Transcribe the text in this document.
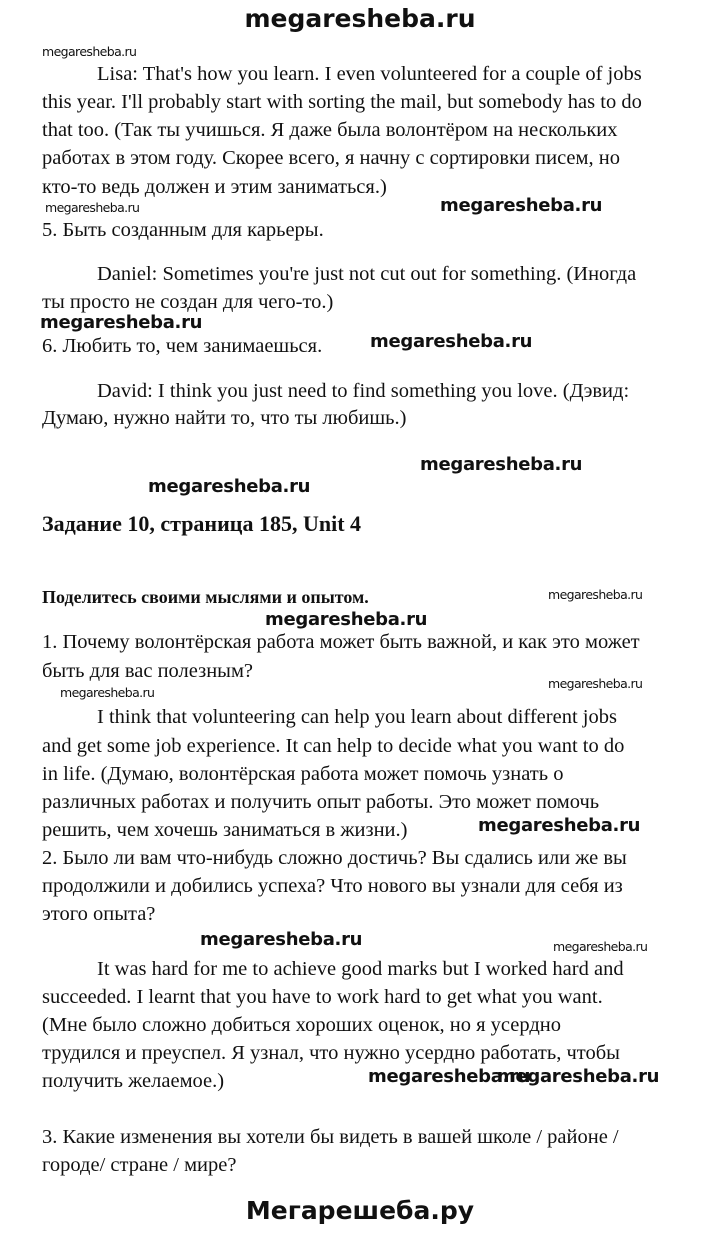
megaresheba.ru
Lisa: That's how you learn. I even volunteered for a couple of jobs
this year. I'll probably start with sorting the mail, but somebody has to do
that too. (Так ты учишься. Я даже была волонтёром на нескольких
работах в этом году. Скорее всего, я начну с сортировки писем, но
кто-то ведь должен и этим заниматься.)
5. Быть созданным для карьеры.
Daniel: Sometimes you're just not cut out for something. (Иногда
ты просто не создан для чего-то.)
6. Любить то, чем занимаешься.
David: I think you just need to find something you love. (Дэвид:
Думаю, нужно найти то, что ты любишь.)
Задание 10, страница 185, Unit 4
Поделитесь своими мыслями и опытом.
1. Почему волонтёрская работа может быть важной, и как это может
быть для вас полезным?
I think that volunteering can help you learn about different jobs
and get some job experience. It can help to decide what you want to do
in life. (Думаю, волонтёрская работа может помочь узнать о
различных работах и получить опыт работы. Это может помочь
решить, чем хочешь заниматься в жизни.)
2. Было ли вам что-нибудь сложно достичь? Вы сдались или же вы
продолжили и добились успеха? Что нового вы узнали для себя из
этого опыта?
It was hard for me to achieve good marks but I worked hard and
succeeded. I learnt that you have to work hard to get what you want.
(Мне было сложно добиться хороших оценок, но я усердно
трудился и преуспел. Я узнал, что нужно усердно работать, чтобы
получить желаемое.)
3. Какие изменения вы хотели бы видеть в вашей школе / районе /
городе/ стране / мире?
megaresheba.ru
megaresheba.ru
megaresheba.ru
megaresheba.ru
megaresheba.ru
megaresheba.ru
megaresheba.ru
megaresheba.ru
megaresheba.ru
megaresheba.ru
megaresheba.ru
megaresheba.ru
megaresheba.ru
megaresheba.ru
megaresheba.ru
megaresheba.ru
Мегарешеба.ру
